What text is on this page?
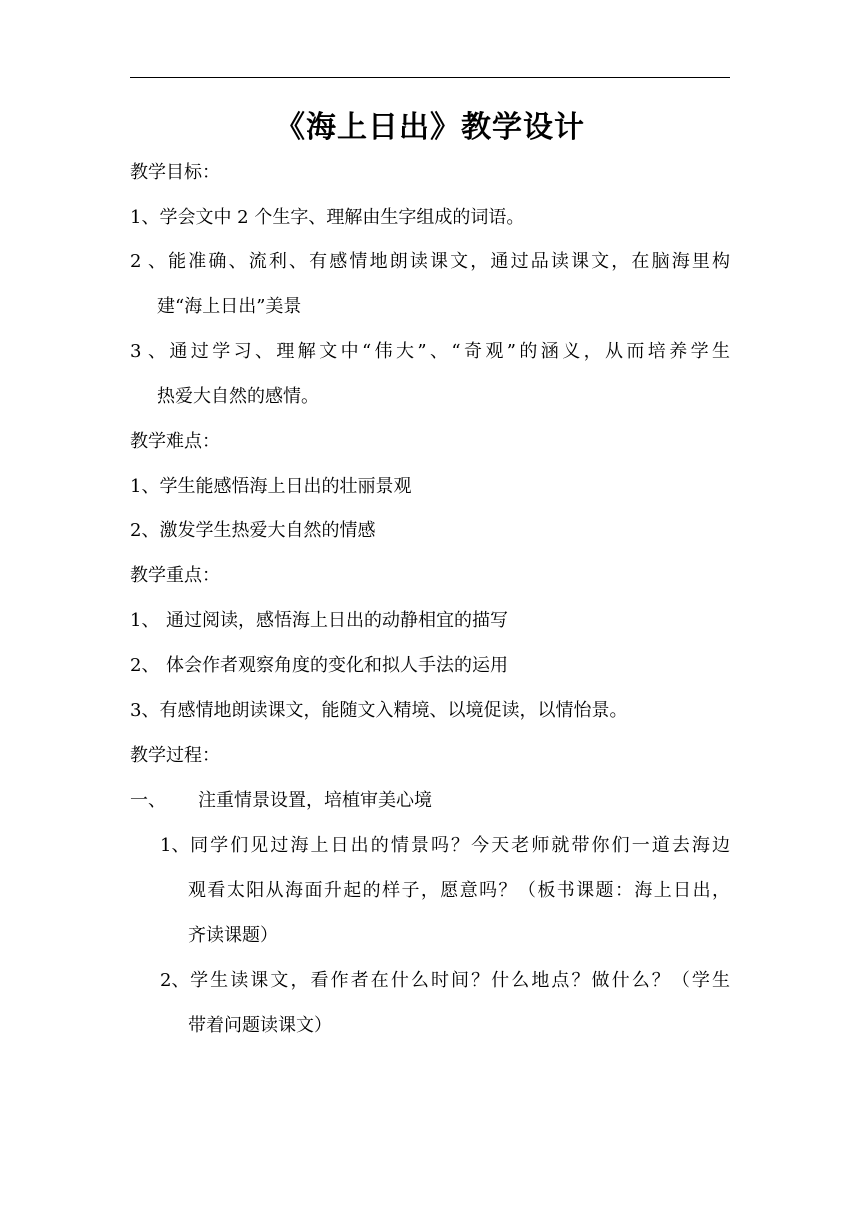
《海上日出》教学设计
教学目标：
1、学会文中 2 个生字、理解由生字组成的词语。
2、能准确、流利、有感情地朗读课文，通过品读课文，在脑海里构
建“海上日出”美景
3、通过学习、理解文中“伟大”、“奇观”的涵义，从而培养学生
热爱大自然的感情。
教学难点：
1、学生能感悟海上日出的壮丽景观
2、激发学生热爱大自然的情感
教学重点：
1、 通过阅读，感悟海上日出的动静相宜的描写
2、 体会作者观察角度的变化和拟人手法的运用
3、有感情地朗读课文，能随文入精境、以境促读，以情怡景。
教学过程：
一、 注重情景设置，培植审美心境
1、同学们见过海上日出的情景吗？今天老师就带你们一道去海边
观看太阳从海面升起的样子，愿意吗？（板书课题：海上日出，
齐读课题）
2、学生读课文，看作者在什么时间？什么地点？做什么？（学生
带着问题读课文）
